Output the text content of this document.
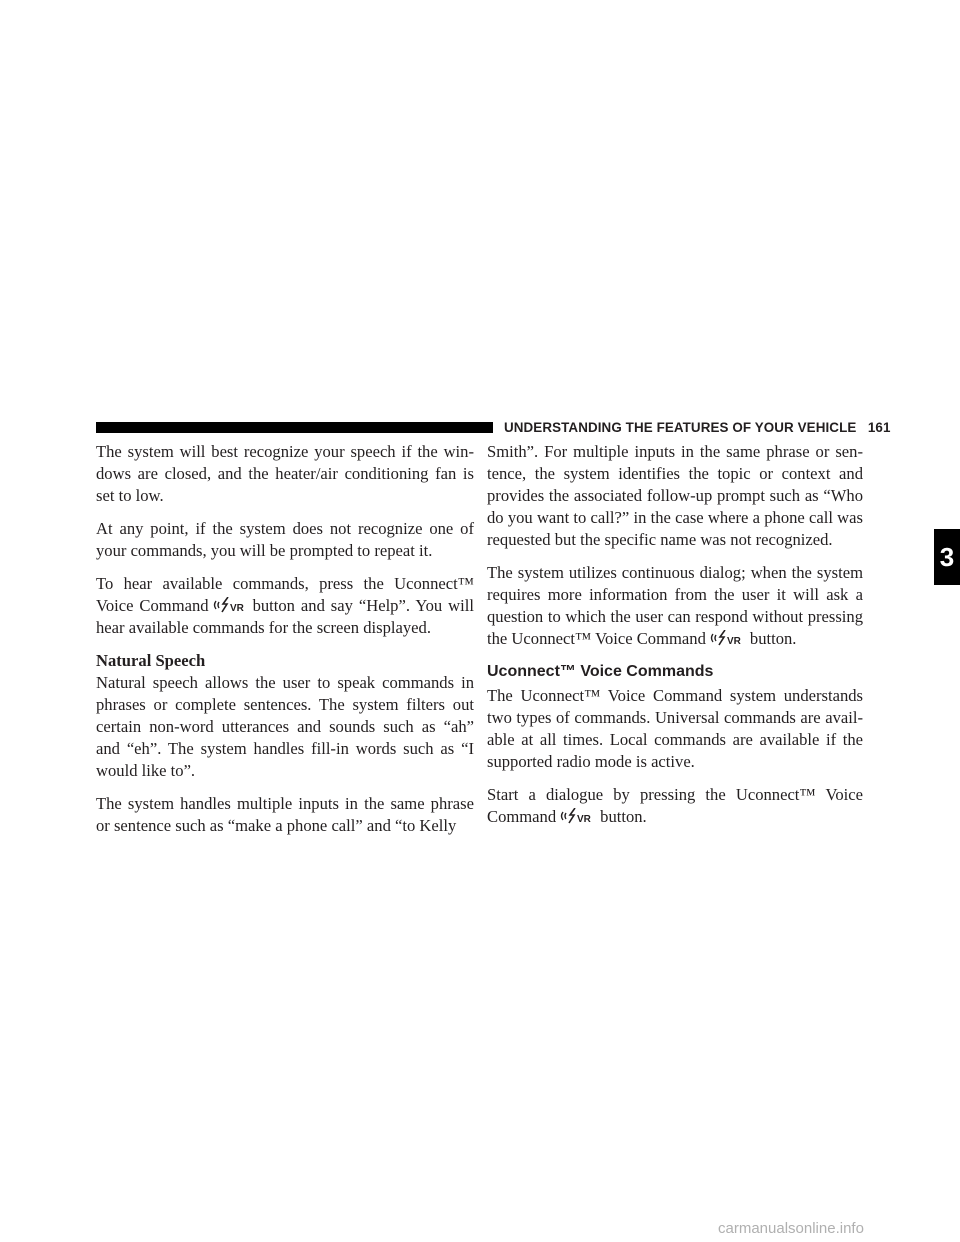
UNDERSTANDING THE FEATURES OF YOUR VEHICLE 161

The system will best recognize your speech if the win- dows are closed, and the heater/air conditioning fan is set to low.

At any point, if the system does not recognize one of your commands, you will be prompted to repeat it.

To hear available commands, press the Uconnect™ Voice Command VR button and say “Help”. You will hear available commands for the screen displayed.

Natural Speech

Natural speech allows the user to speak commands in phrases or complete sentences. The system filters out certain non-word utterances and sounds such as “ah” and “eh”. The system handles fill-in words such as “I would like to”.

The system handles multiple inputs in the same phrase or sentence such as “make a phone call” and “to Kelly

Smith”. For multiple inputs in the same phrase or sen- tence, the system identifies the topic or context and provides the associated follow-up prompt such as “Who do you want to call?” in the case where a phone call was requested but the specific name was not recognized.

The system utilizes continuous dialog; when the system requires more information from the user it will ask a question to which the user can respond without pressing the Uconnect™ Voice Command VR button.

Uconnect™ Voice Commands

The Uconnect™ Voice Command system understands two types of commands. Universal commands are avail- able at all times. Local commands are available if the supported radio mode is active.

Start a dialogue by pressing the Uconnect™ Voice Command VR button.

3
carmanualsonline.info
